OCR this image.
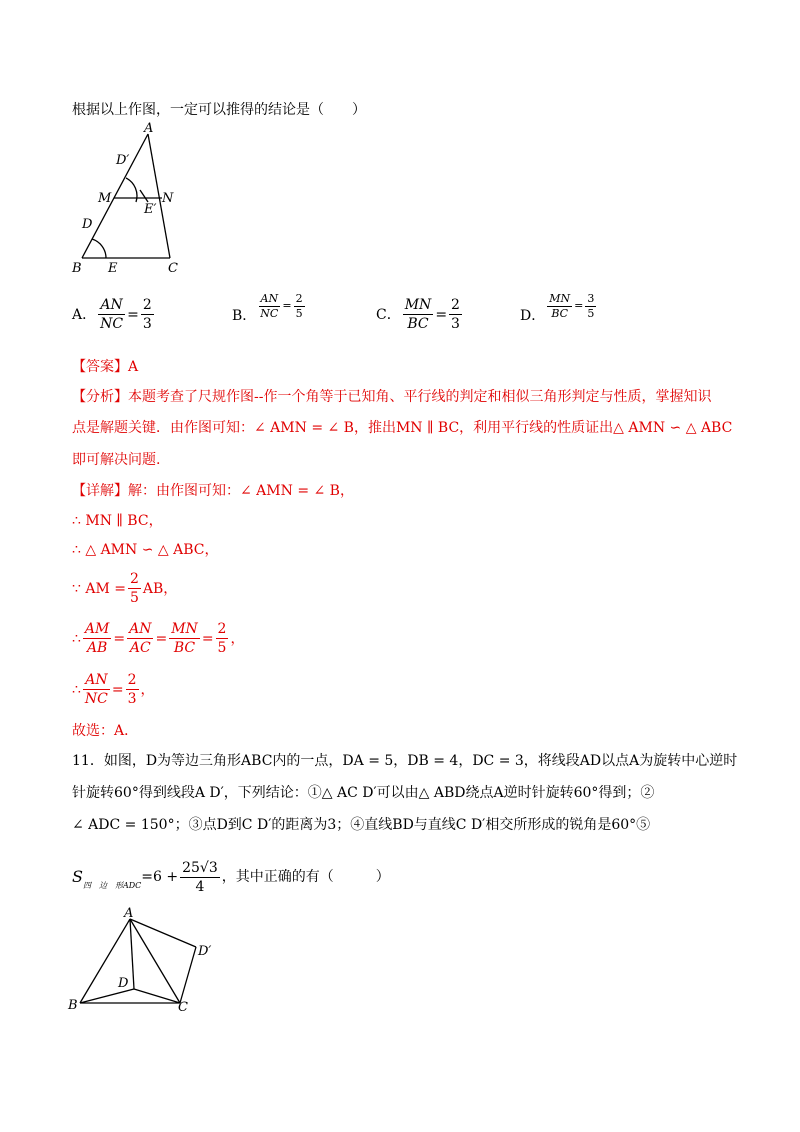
根据以上作图，一定可以推得的结论是（　　）
A
D′
M	N
E′
D
B E	C
A． $\frac{AN}{NC} = \frac{2}{3}$	B． $\frac{AN}{NC} = \frac{2}{5}$	C． $\frac{MN}{BC} = \frac{2}{3}$	D． $\frac{MN}{BC} = \frac{3}{5}$
【答案】A
【分析】本题考查了尺规作图--作一个角等于已知角、平行线的判定和相似三角形判定与性质，掌握知识
点是解题关键．由作图可知：∠ AMN = ∠ B，推出MN ∥ BC，利用平行线的性质证出△ AMN ∽ △ ABC
即可解决问题.
【详解】解：由作图可知：∠ AMN = ∠ B，
∴ MN ∥ BC，
∴ △ AMN ∽ △ ABC，
∵ AM = $\frac{2}{5}$ AB，
∴ $\frac{AM}{AB} = \frac{AN}{AC} = \frac{MN}{BC} = \frac{2}{5}$ ，
∴ $\frac{AN}{NC} = \frac{2}{3}$ ，
故选：A．
11．如图，D为等边三角形ABC内的一点，DA = 5，DB = 4，DC = 3，将线段AD以点A为旋转中心逆时
针旋转60°得到线段A D′，下列结论：①△ AC D′可以由△ ABD绕点A逆时针旋转60°得到；②
∠ ADC = 150°；③点D到C D′的距离为3；④直线BD与直线C D′相交所形成的锐角是60°⑤
S 四　边　形ADC
$=6 + \frac{25√3}{4}$ ，其中正确的有（　　　）
A
D′
D
B	C
